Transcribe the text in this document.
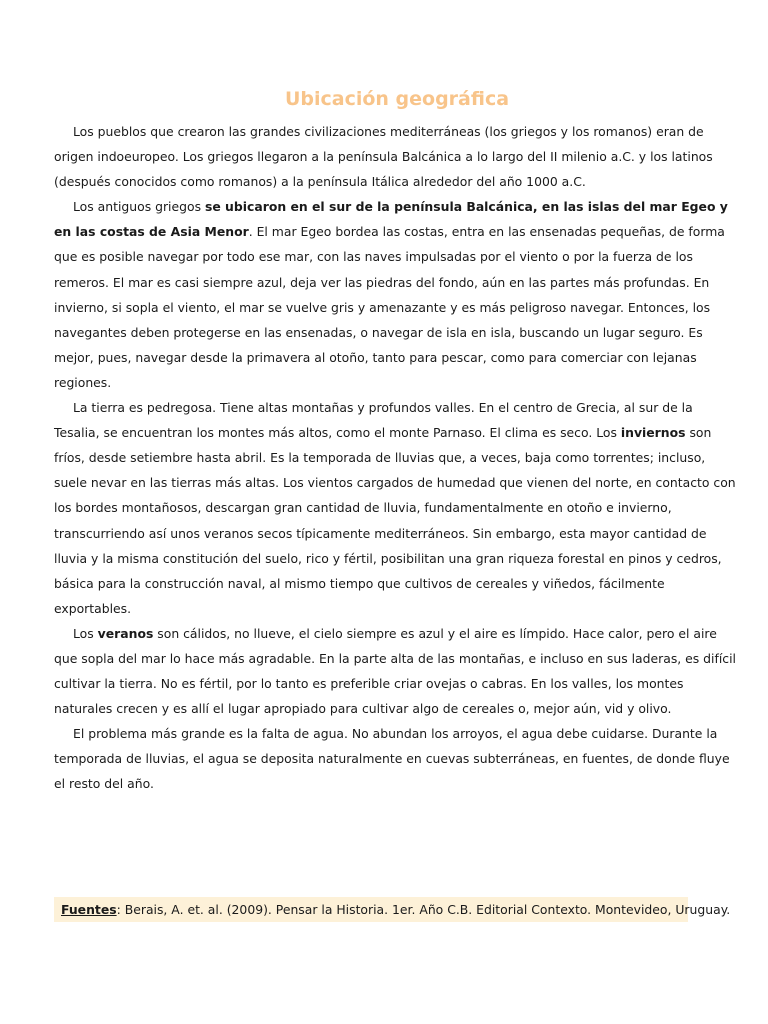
Ubicación geográfica

Los pueblos que crearon las grandes civilizaciones mediterráneas (los griegos y los romanos) eran de origen indoeuropeo. Los griegos llegaron a la península Balcánica a lo largo del II milenio a.C. y los latinos (después conocidos como romanos) a la península Itálica alrededor del año 1000 a.C.

Los antiguos griegos se ubicaron en el sur de la península Balcánica, en las islas del mar Egeo y en las costas de Asia Menor. El mar Egeo bordea las costas, entra en las ensenadas pequeñas, de forma que es posible navegar por todo ese mar, con las naves impulsadas por el viento o por la fuerza de los remeros. El mar es casi siempre azul, deja ver las piedras del fondo, aún en las partes más profundas. En invierno, si sopla el viento, el mar se vuelve gris y amenazante y es más peligroso navegar. Entonces, los navegantes deben protegerse en las ensenadas, o navegar de isla en isla, buscando un lugar seguro. Es mejor, pues, navegar desde la primavera al otoño, tanto para pescar, como para comerciar con lejanas regiones.

La tierra es pedregosa. Tiene altas montañas y profundos valles. En el centro de Grecia, al sur de la Tesalia, se encuentran los montes más altos, como el monte Parnaso. El clima es seco. Los inviernos son fríos, desde setiembre hasta abril. Es la temporada de lluvias que, a veces, baja como torrentes; incluso, suele nevar en las tierras más altas. Los vientos cargados de humedad que vienen del norte, en contacto con los bordes montañosos, descargan gran cantidad de lluvia, fundamentalmente en otoño e invierno, transcurriendo así unos veranos secos típicamente mediterráneos. Sin embargo, esta mayor cantidad de lluvia y la misma constitución del suelo, rico y fértil, posibilitan una gran riqueza forestal en pinos y cedros, básica para la construcción naval, al mismo tiempo que cultivos de cereales y viñedos, fácilmente exportables.

Los veranos son cálidos, no llueve, el cielo siempre es azul y el aire es límpido. Hace calor, pero el aire que sopla del mar lo hace más agradable. En la parte alta de las montañas, e incluso en sus laderas, es difícil cultivar la tierra. No es fértil, por lo tanto es preferible criar ovejas o cabras. En los valles, los montes naturales crecen y es allí el lugar apropiado para cultivar algo de cereales o, mejor aún, vid y olivo.

El problema más grande es la falta de agua. No abundan los arroyos, el agua debe cuidarse. Durante la temporada de lluvias, el agua se deposita naturalmente en cuevas subterráneas, en fuentes, de donde fluye el resto del año.

Fuentes: Berais, A. et. al. (2009). Pensar la Historia. 1er. Año C.B. Editorial Contexto. Montevideo, Uruguay.
